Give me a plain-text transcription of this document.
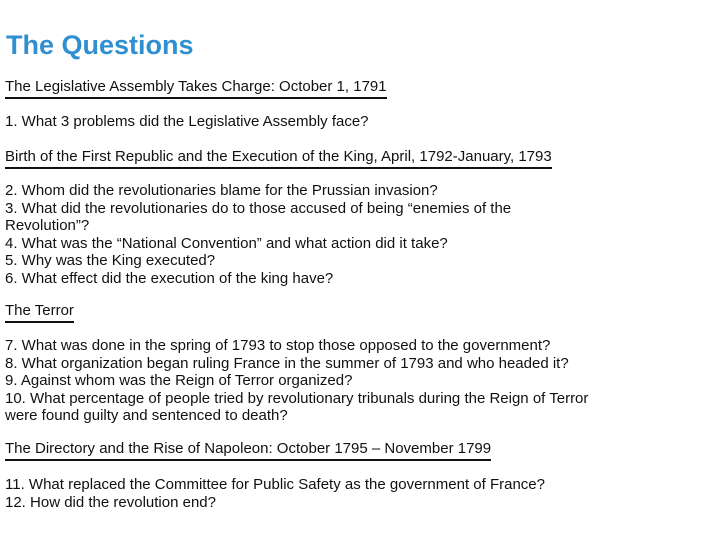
The Questions
The Legislative Assembly Takes Charge: October 1, 1791
1. What 3 problems did the Legislative Assembly face?
Birth of the First Republic and the Execution of the King, April, 1792-January, 1793
2. Whom did the revolutionaries blame for the Prussian invasion?
3. What did the revolutionaries do to those accused of being “enemies of the Revolution”?
4. What was the “National Convention” and what action did it take?
5. Why was the King executed?
6. What effect did the execution of the king have?
The Terror
7. What was done in the spring of 1793 to stop those opposed to the government?
8. What organization began ruling France in the summer of 1793 and who headed it?
9. Against whom was the Reign of Terror organized?
10. What percentage of people tried by revolutionary tribunals during the Reign of Terror were found guilty and sentenced to death?
The Directory and the Rise of Napoleon: October 1795 – November 1799
11. What replaced the Committee for Public Safety as the government of France?
12. How did the revolution end?
